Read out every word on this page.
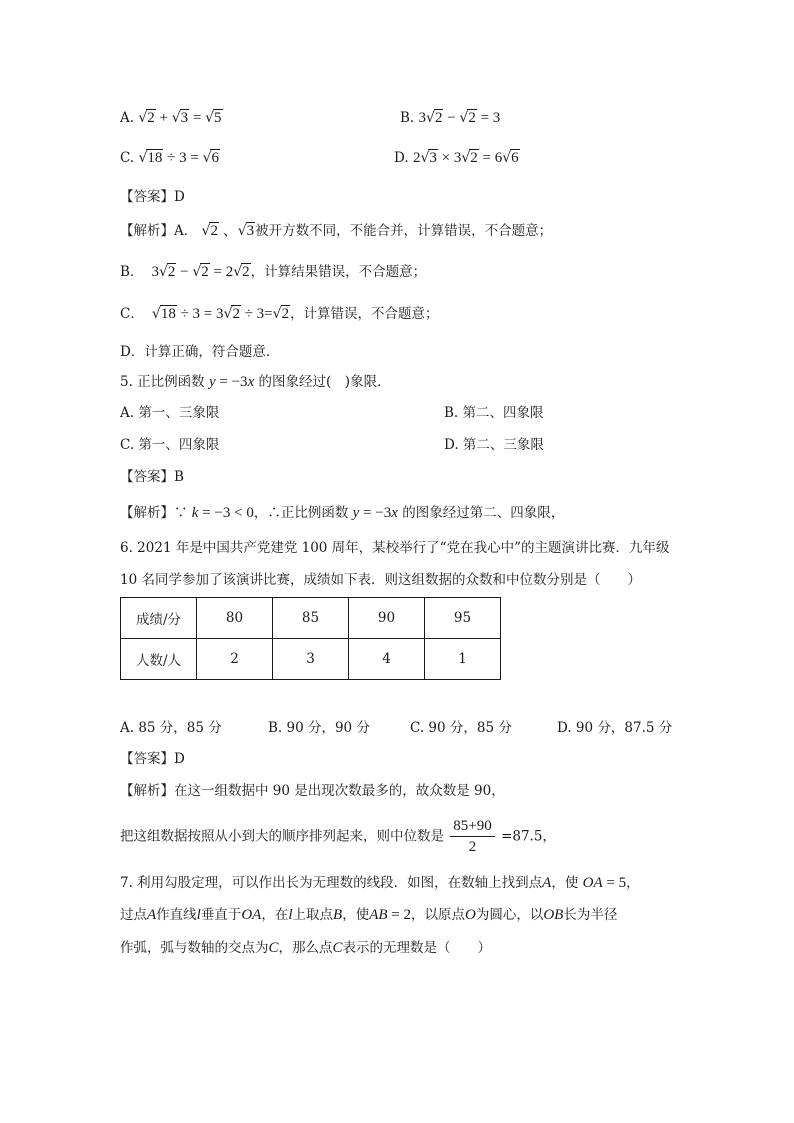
A. √2 + √3 = √5	B. 3√2 − √2 = 3
C. √18 ÷ 3 = √6	D. 2√3 × 3√2 = 6√6
【答案】D
【解析】A． √2 、√3被开方数不同，不能合并，计算错误，不合题意；
B．  3√2 − √2 = 2√2，计算结果错误，不合题意；
C． √18 ÷ 3 = 3√2 ÷ 3=√2，计算错误，不合题意；
D．计算正确，符合题意．
5. 正比例函数 y = −3x 的图象经过(　)象限．
A. 第一、三象限	B. 第二、四象限
C. 第一、四象限	D. 第二、三象限
【答案】B
【解析】∵ k = −3 < 0，∴正比例函数 y = −3x 的图象经过第二、四象限，
6. 2021 年是中国共产党建党 100 周年，某校举行了“党在我心中”的主题演讲比赛．九年级
10 名同学参加了该演讲比赛，成绩如下表．则这组数据的众数和中位数分别是（　　）
成绩/分	80	85	90	95
人数/人	2	3	4	1
A. 85 分，85 分	B. 90 分，90 分	C. 90 分，85 分	D. 90 分，87.5 分
【答案】D
【解析】在这一组数据中 90 是出现次数最多的，故众数是 90，
把这组数据按照从小到大的顺序排列起来，则中位数是 $\frac{85+90}{2} =87.5$，
7. 利用勾股定理，可以作出长为无理数的线段．如图，在数轴上找到点A，使 OA = 5，
过点A作直线l垂直于OA，在l上取点B，使AB = 2，以原点O为圆心，以OB长为半径
作弧，弧与数轴的交点为C，那么点C表示的无理数是（　　）
